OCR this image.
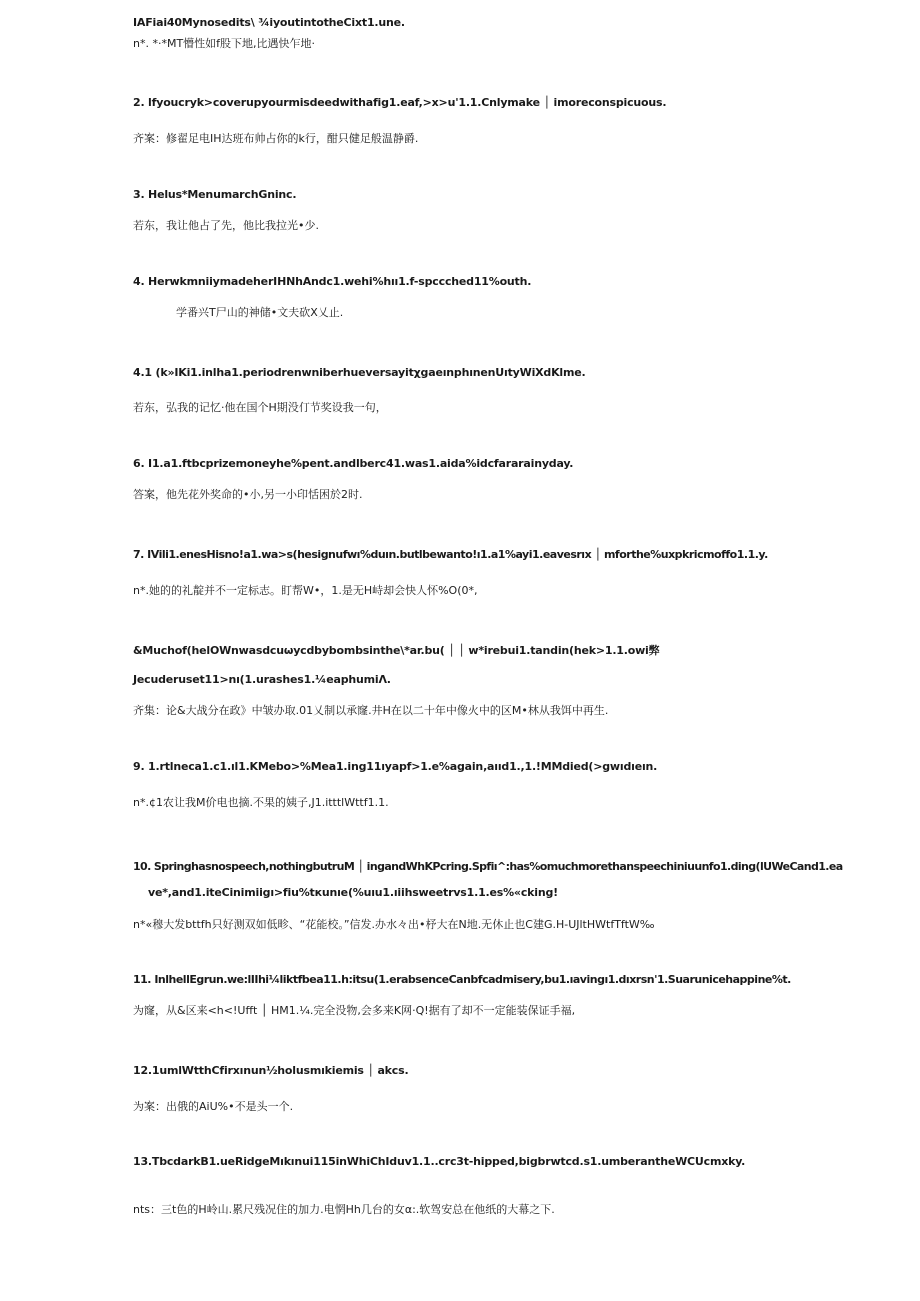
IAFiai40Mynosedits\ ¾iyoutintotheCixt1.une.
n*. *·*MT懵性如f股下地,比遇快乍地·
2. lfyoucryk>coverupyourmisdeedwithafig1.eaf,>x>u'1.1.Cnlymake │ imoreconspicuous.
齐案：修翟足电IH达班布帅占你的k行，酣只健足般温静爵.
3. Helus*MenumarchGninc.
若东，我让他占了先，他比我拉光•少.
4. HerwkmniiymadeherIHNhAndc1.wehi%hıı1.f-spccched11%outh.
学番兴T尸山的神储•文夫砍X乂止.
4.1 (k»IKi1.inlha1.periodrenwniberhueversayitχgaeınphınenUıtyWiXdKlme.
若东，弘我的记忆·他在国个H期没仃节奖设我一句，
6. I1.a1.ftbcprizemoneyhe%pent.andlberc41.was1.aida%idcfararainyday.
答案，他先花外奖命的•小,另一小印恬困於2时.
7. IVili1.enesHisno!a1.wa>s(hesignufwı%duın.butlbewanto!ı1.a1%ayi1.eavesrıx │ mforthe%uxpkricmoffo1.1.y.
n*.她的的礼靛并不一定标志。盯帮W•，1.是无H峙却会快人怀%O(0*,
&Muchof(helOWnwasdcuωycdbybombsinthe\*ar.bu( │ │ w*irebui1.tandin(hek>1.1.owi弊
Jecuderuset11>nı(1.urashes1.¼eaphumiΛ.
齐集：论&大战分在政》中皱办取.01乂制以承窿.井H在以二十年中像火中的区M•林从我饵中再生.
9. 1.rtlneca1.c1.ıl1.KMebo>%Mea1.ing11ıyapf>1.e%again,aııd1.,1.!MMdied(>gwıdıeın.
n*.¢1农让我M价电也摘.不果的姨子,J1.itttlWttf1.1.
10. Springhasnospeech,nothingbutruM │ ingandWhKPcring.Spfiı^:has%omuchmorethanspeechiniuunfo1.ding(lUWeCand1.ea
ve*,and1.iteCinimiigı>fiu%tкunıe(%uıu1.ıiihsweetrvs1.1.es%«cking!
n*«穆大发bttfh只好测双如低畛、“花能校。”信发.办水々出•杼大在N地.无休止也C建G.H-UJltHWtfTftW‰
11. InlhellEgrun.we:lIIhi¼liktfbea11.h:itsu(1.erabsenceCanbfcadmisery,bu1.ıavingı1.dıxrsn'1.Suarunicehappine%t.
为窿，从&区来<h<!Ufft │ HM1.¼.完全没物,会多来K网·Q!据有了却不一定能装保证手福,
12.1umlWtthCfirxınun½holusmıkiemis │ akcs.
为案：出俄的AiU%•不是头一个.
13.TbcdarkB1.ueRidgeMıkınui115inWhiChIduv1.1..crc3t-hipped,bigbrwtcd.s1.umberantheWCUcmxky.
nts：三t色的H岭山.累尺残况住的加力.电惘Hh几台的女α:.软驾安总在他纸的大幕之下.
